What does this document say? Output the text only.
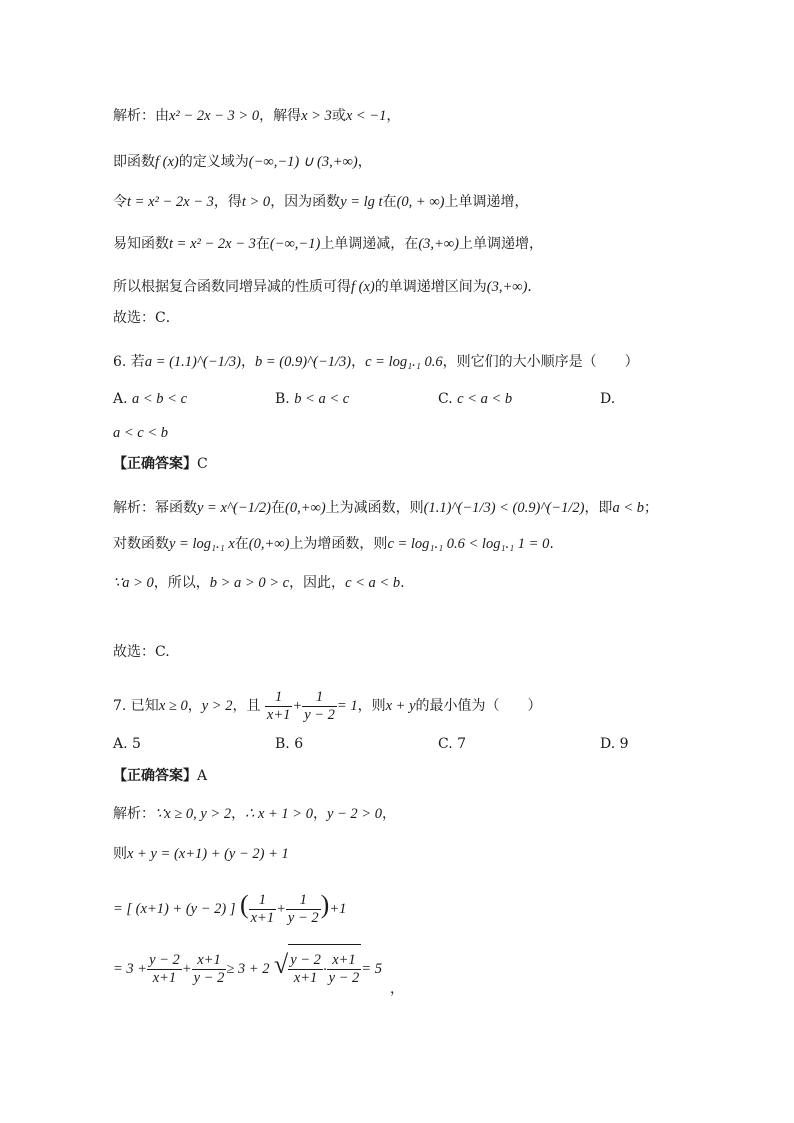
解析：由x² − 2x − 3 > 0，解得x > 3或x < −1，
即函数f (x)的定义域为(−∞,−1) ∪ (3,+∞)，
令t = x² − 2x − 3，得t > 0，因为函数y = lg t在(0, + ∞)上单调递增，
易知函数t = x² − 2x − 3在(−∞,−1)上单调递减，在(3,+∞)上单调递增，
所以根据复合函数同增异减的性质可得f (x)的单调递增区间为(3,+∞)．
故选：C．
6. 若a = (1.1)^(−1/3)，b = (0.9)^(−1/3)，c = log₁.₁ 0.6，则它们的大小顺序是（　　）
A. a < b < c	B. b < a < c	C. c < a < b	D.
a < c < b
【正确答案】C
解析：幂函数y = x^(−1/2)在(0,+∞)上为减函数，则(1.1)^(−1/3) < (0.9)^(−1/2)，即a < b；
对数函数y = log₁.₁ x在(0,+∞)上为增函数，则c = log₁.₁ 0.6 < log₁.₁ 1 = 0.
∵a > 0，所以，b > a > 0 > c，因此，c < a < b.
故选：C.
7. 已知x ≥ 0，y > 2，且 $\frac{1}{x+1} + \frac{1}{y - 2} = 1$，则x + y的最小值为（　　）
A. 5	B. 6	C. 7	D. 9
【正确答案】A
解析：∵x ≥ 0, y > 2，∴ x + 1 > 0，y − 2 > 0，
则x + y = (x+1) + (y − 2) + 1
= [ (x+1) + (y − 2) ] ( $\frac{1}{x+1} + \frac{1}{y - 2} )+1$
= $3 + \frac{y - 2}{x+1} + \frac{x+1}{y - 2} \ge 3 + 2$ √ $\frac{y - 2}{x+1} \cdot \frac{x+1}{y - 2} = 5$
，
